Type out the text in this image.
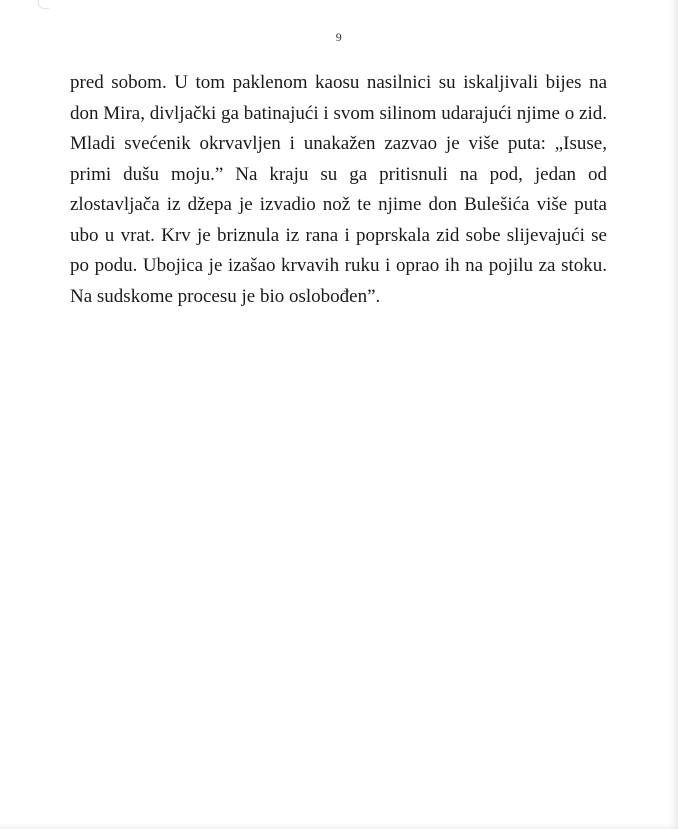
9
pred sobom. U tom paklenom kaosu nasilnici su iskaljivali bijes na
don Mira, divljački ga batinajući i svom silinom udarajući njime o zid.
Mladi svećenik okrvavljen i unakažen zazvao je više puta: „Isuse,
primi dušu moju.” Na kraju su ga pritisnuli na pod, jedan od
zlostavljača iz džepa je izvadio nož te njime don Bulešića više puta
ubo u vrat. Krv je briznula iz rana i poprskala zid sobe slijevajući se
po podu. Ubojica je izašao krvavih ruku i oprao ih na pojilu za stoku.
Na sudskome procesu je bio oslobođen”.
